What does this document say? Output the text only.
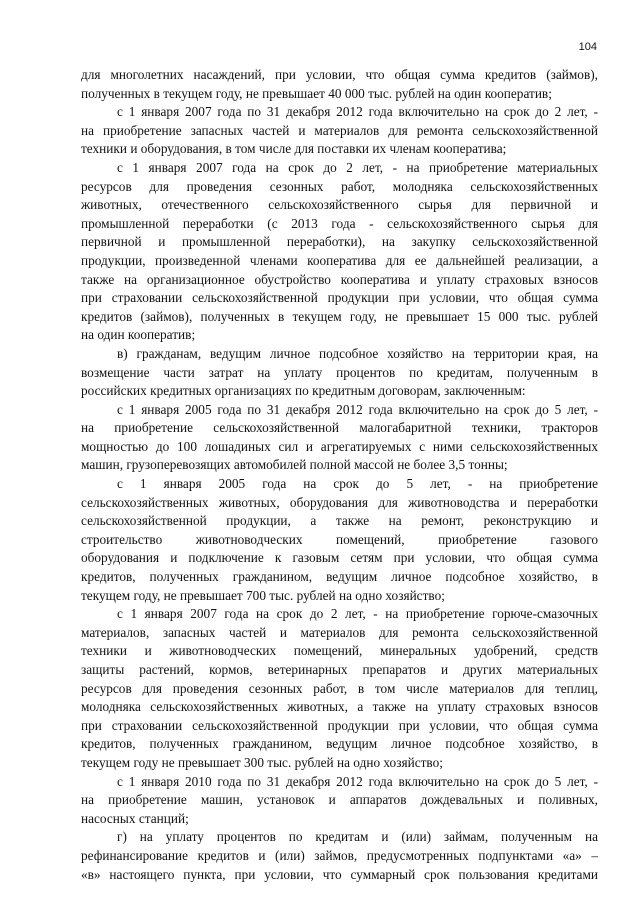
104
для многолетних насаждений, при условии, что общая сумма кредитов (займов),
полученных в текущем году, не превышает 40 000 тыс. рублей на один кооператив;
с 1 января 2007 года по 31 декабря 2012 года включительно на срок до 2 лет, -
на приобретение запасных частей и материалов для ремонта сельскохозяйственной
техники и оборудования, в том числе для поставки их членам кооператива;
с 1 января 2007 года на срок до 2 лет, - на приобретение материальных
ресурсов для проведения сезонных работ, молодняка сельскохозяйственных
животных, отечественного сельскохозяйственного сырья для первичной и
промышленной переработки (с 2013 года - сельскохозяйственного сырья для
первичной и промышленной переработки), на закупку сельскохозяйственной
продукции, произведенной членами кооператива для ее дальнейшей реализации, а
также на организационное обустройство кооператива и уплату страховых взносов
при страховании сельскохозяйственной продукции при условии, что общая сумма
кредитов (займов), полученных в текущем году, не превышает 15 000 тыс. рублей
на один кооператив;
в) гражданам, ведущим личное подсобное хозяйство на территории края, на
возмещение части затрат на уплату процентов по кредитам, полученным в
российских кредитных организациях по кредитным договорам, заключенным:
с 1 января 2005 года по 31 декабря 2012 года включительно на срок до 5 лет, -
на приобретение сельскохозяйственной малогабаритной техники, тракторов
мощностью до 100 лошадиных сил и агрегатируемых с ними сельскохозяйственных
машин, грузоперевозящих автомобилей полной массой не более 3,5 тонны;
с 1 января 2005 года на срок до 5 лет, - на приобретение
сельскохозяйственных животных, оборудования для животноводства и переработки
сельскохозяйственной продукции, а также на ремонт, реконструкцию и
строительство животноводческих помещений, приобретение газового
оборудования и подключение к газовым сетям при условии, что общая сумма
кредитов, полученных гражданином, ведущим личное подсобное хозяйство, в
текущем году, не превышает 700 тыс. рублей на одно хозяйство;
с 1 января 2007 года на срок до 2 лет, - на приобретение горюче-смазочных
материалов, запасных частей и материалов для ремонта сельскохозяйственной
техники и животноводческих помещений, минеральных удобрений, средств
защиты растений, кормов, ветеринарных препаратов и других материальных
ресурсов для проведения сезонных работ, в том числе материалов для теплиц,
молодняка сельскохозяйственных животных, а также на уплату страховых взносов
при страховании сельскохозяйственной продукции при условии, что общая сумма
кредитов, полученных гражданином, ведущим личное подсобное хозяйство, в
текущем году не превышает 300 тыс. рублей на одно хозяйство;
с 1 января 2010 года по 31 декабря 2012 года включительно на срок до 5 лет, -
на приобретение машин, установок и аппаратов дождевальных и поливных,
насосных станций;
г) на уплату процентов по кредитам и (или) займам, полученным на
рефинансирование кредитов и (или) займов, предусмотренных подпунктами «а» –
«в» настоящего пункта, при условии, что суммарный срок пользования кредитами
